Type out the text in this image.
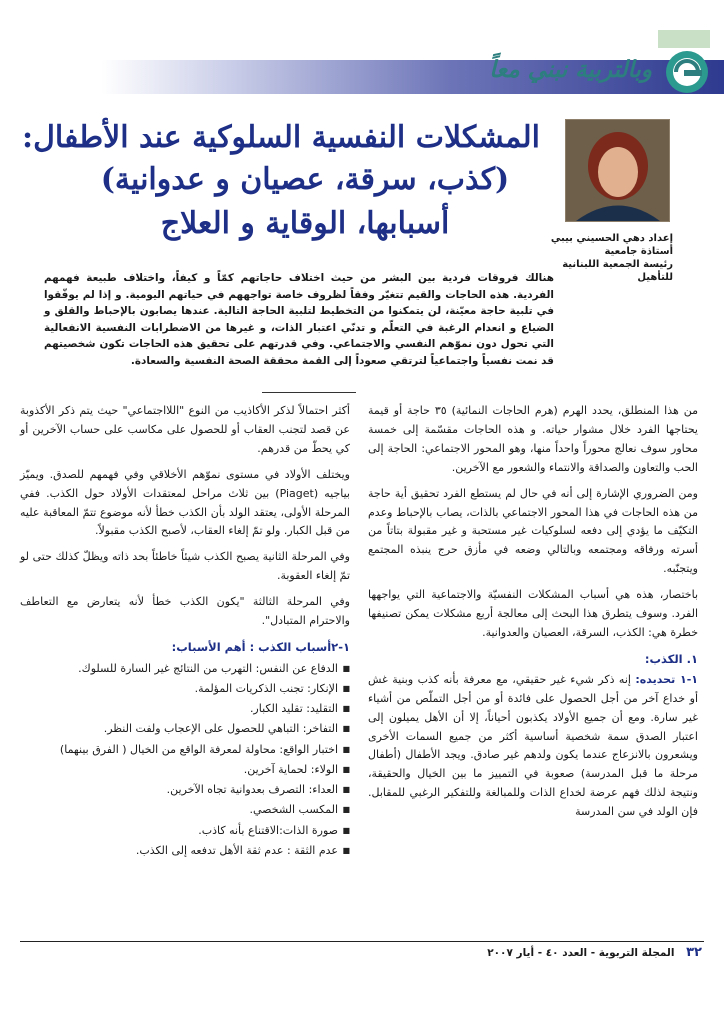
وبالتربية نبني معاً
إعداد دهي الحسيني بيبي
أستاذة جامعية
رئيسة الجمعية اللبنانية
للتأهيل
المشكلات النفسية السلوكية عند الأطفال:
(كذب، سرقة، عصيان و عدوانية)
أسبابها، الوقاية و العلاج
هنالك فروقات فردية بين البشر من حيث اختلاف حاجاتهم كمّاً و كيفاً، واختلاف طبيعة فهمهم الفردية. هذه الحاجات والقيم تتغيّر وفقاً لظروف خاصة تواجههم في حياتهم اليومية. و إذا لم يوفّقوا في تلبية حاجة معيّنة، لن يتمكنوا من التخطيط لتلبية الحاجة التالية. عندها يصابون بالإحباط والقلق و الضياع و انعدام الرغبة في التعلّم و تدنّي اعتبار الذات، و غيرها من الاضطرابات النفسية الانفعالية التي تحول دون نموّهم النفسي والاجتماعي. وفي قدرتهم على تحقيق هذه الحاجات تكون شخصيتهم قد نمت نفسياً واجتماعياً لترتقي صعوداً إلى القمة محققة الصحة النفسية والسعادة.

من هذا المنطلق، يحدد الهرم (هرم الحاجات النمائية) ٣٥ حاجة أو قيمة يحتاجها الفرد خلال مشوار حياته. و هذه الحاجات مقسّمة إلى خمسة محاور سوف نعالج محوراً واحداً منها، وهو المحور الاجتماعي: الحاجة إلى الحب والتعاون والصداقة والانتماء والشعور مع الآخرين.

ومن الضروري الإشارة إلى أنه في حال لم يستطع الفرد تحقيق أية حاجة من هذه الحاجات في هذا المحور الاجتماعي بالذات، يصاب بالإحباط وعدم التكيّف ما يؤدي إلى دفعه لسلوكيات غير مستحبة و غير مقبولة بتاتاً من أسرته ورفاقه ومجتمعه وبالتالي وضعه في مأزق حرج ينبذه المجتمع ويتجنّبه.

باختصار، هذه هي أسباب المشكلات النفسيّة والاجتماعية التي يواجهها الفرد. وسوف يتطرق هذا البحث إلى معالجة أربع مشكلات يمكن تصنيفها خطرة هي: الكذب، السرقة، العصيان والعدوانية.

١. الكذب:

١-١ تحديده: إنه ذكر شيء غير حقيقي، مع معرفة بأنه كذب وبنية غش أو خداع آخر من أجل الحصول على فائدة أو من أجل التملّص من أشياء غير سارة. ومع أن جميع الأولاد يكذبون أحياناً، إلا أن الأهل يميلون إلى اعتبار الصدق سمة شخصية أساسية أكثر من جميع السمات الأخرى ويشعرون بالانزعاج عندما يكون ولدهم غير صادق. ويجد الأطفال (أطفال مرحلة ما قبل المدرسة) صعوبة في التمييز ما بين الخيال والحقيقة، ونتيجة لذلك فهم عرضة لخداع الذات وللمبالغة وللتفكير الرغبي للمقابل. فإن الولد في سن المدرسة

أكثر احتمالاً لذكر الأكاذيب من النوع "اللااجتماعي" حيث يتم ذكر الأكذوبة عن قصد لتجنب العقاب أو للحصول على مكاسب على حساب الآخرين أو كي يحطّ من قدرهم.

ويختلف الأولاد في مستوى نموّهم الأخلاقي وفي فهمهم للصدق. ويميّز بياجيه (Piaget) بين ثلاث مراحل لمعتقدات الأولاد حول الكذب. ففي المرحلة الأولى، يعتقد الولد بأن الكذب خطأ لأنه موضوع تتمّ المعاقبة عليه من قبل الكبار. ولو تمّ إلغاء العقاب، لأصبح الكذب مقبولاً.

وفي المرحلة الثانية يصبح الكذب شيئاً خاطئاً بحد ذاته ويظلّ كذلك حتى لو تمّ إلغاء العقوبة.

وفي المرحلة الثالثة "يكون الكذب خطأ لأنه يتعارض مع التعاطف والاحترام المتبادل".

١-٢أسباب الكذب : أهم الأسباب:
■ الدفاع عن النفس: التهرب من النتائج غير السارة للسلوك.
■ الإنكار: تجنب الذكريات المؤلمة.
■ التقليد: تقليد الكبار.
■ التفاخر: التباهي للحصول على الإعجاب ولفت النظر.
■ اختبار الواقع: محاولة لمعرفة الواقع من الخيال ( الفرق بينهما)
■ الولاء: لحماية آخرين.
■ العداء: التصرف بعدوانية تجاه الآخرين.
■ المكسب الشخصي.
■ صورة الذات:الاقتناع بأنه كاذب.
■ عدم الثقة : عدم ثقة الأهل تدفعه إلى الكذب.
٣٢ المجلة التربوية - العدد ٤٠ - أيار ٢٠٠٧
